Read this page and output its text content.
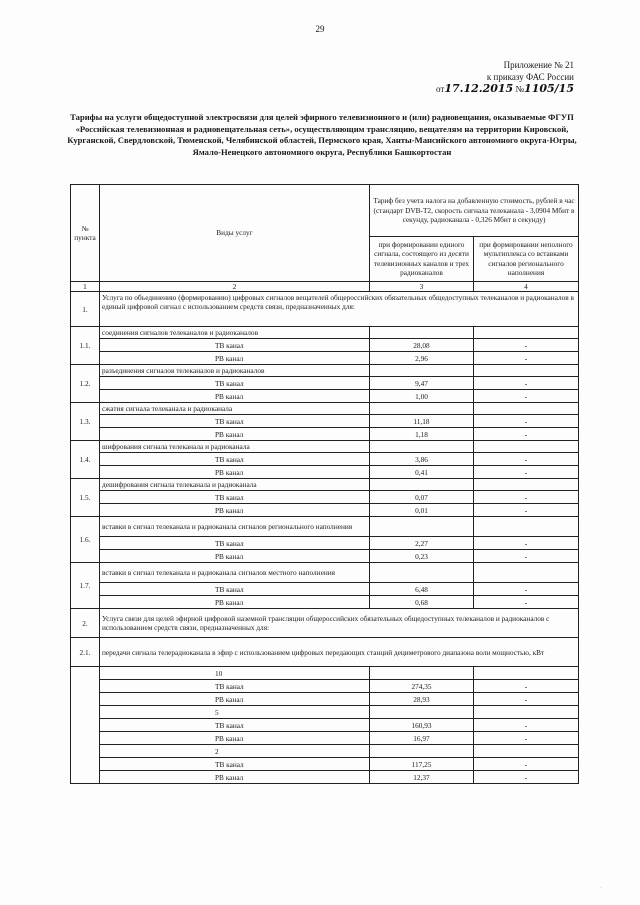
29
Приложение № 21
к приказу ФАС России
от17.12.2015 №1105/15
Тарифы на услуги общедоступной электросвязи для целей эфирного телевизионного и (или) радиовещания, оказываемые ФГУП «Российская телевизионная и радиовещательная сеть», осуществляющим трансляцию, вещателям на территории Кировской, Курганской, Свердловской, Тюменской, Челябинской областей, Пермского края, Ханты-Мансийского автономного округа-Югры, Ямало-Ненецкого автономного округа, Республики Башкортостан
№ пункта	Виды услуг	Тариф без учета налога на добавленную стоимость, рублей в час (стандарт DVB-T2, скорость сигнала телеканала - 3,0904 Мбит в секунду, радиоканала - 0,326 Мбит в секунду)	
		при формировании единого сигнала, состоящего из десяти телевизионных каналов и трех радиоканалов	при формировании неполного мультиплекса со вставками сигналов регионального наполнения
1	2	3	4
1.	Услуга по объединению (формированию) цифровых сигналов вещателей общероссийских обязательных общедоступных телеканалов и радиоканалов в единый цифровой сигнал с использованием средств связи, предназначенных для:		
1.1.	соединения сигналов телеканалов и радиоканалов		
	ТВ канал	28,08	-
	РВ канал	2,96	-
1.2.	разъединения сигналов телеканалов и радиоканалов		
	ТВ канал	9,47	-
	РВ канал	1,00	-
1.3.	сжатия сигнала телеканала и радиоканала		
	ТВ канал	11,18	-
	РВ канал	1,18	-
1.4.	шифрования сигнала телеканала и радиоканала		
	ТВ канал	3,86	-
	РВ канал	0,41	-
1.5.	дешифрования сигнала телеканала и радиоканала		
	ТВ канал	0,07	-
	РВ канал	0,01	-
1.6.	вставки в сигнал телеканала и радиоканала сигналов регионального наполнения		
	ТВ канал	2,27	-
	РВ канал	0,23	-
1.7.	вставки в сигнал телеканала и радиоканала сигналов местного наполнения		
	ТВ канал	6,48	-
	РВ канал	0,68	-
2.	Услуга связи для целей эфирной цифровой наземной трансляции общероссийских обязательных общедоступных телеканалов и радиоканалов с использованием средств связи, предназначенных для:		
2.1.	передачи сигнала телерадиоканала в эфир с использованием цифровых передающих станций дециметрового диапазона волн мощностью, кВт		
	10		
	ТВ канал	274,35	-
	РВ канал	28,93	-
	5		
	ТВ канал	160,93	-
	РВ канал	16,97	-
	2		
	ТВ канал	117,25	-
	РВ канал	12,37	-
·
